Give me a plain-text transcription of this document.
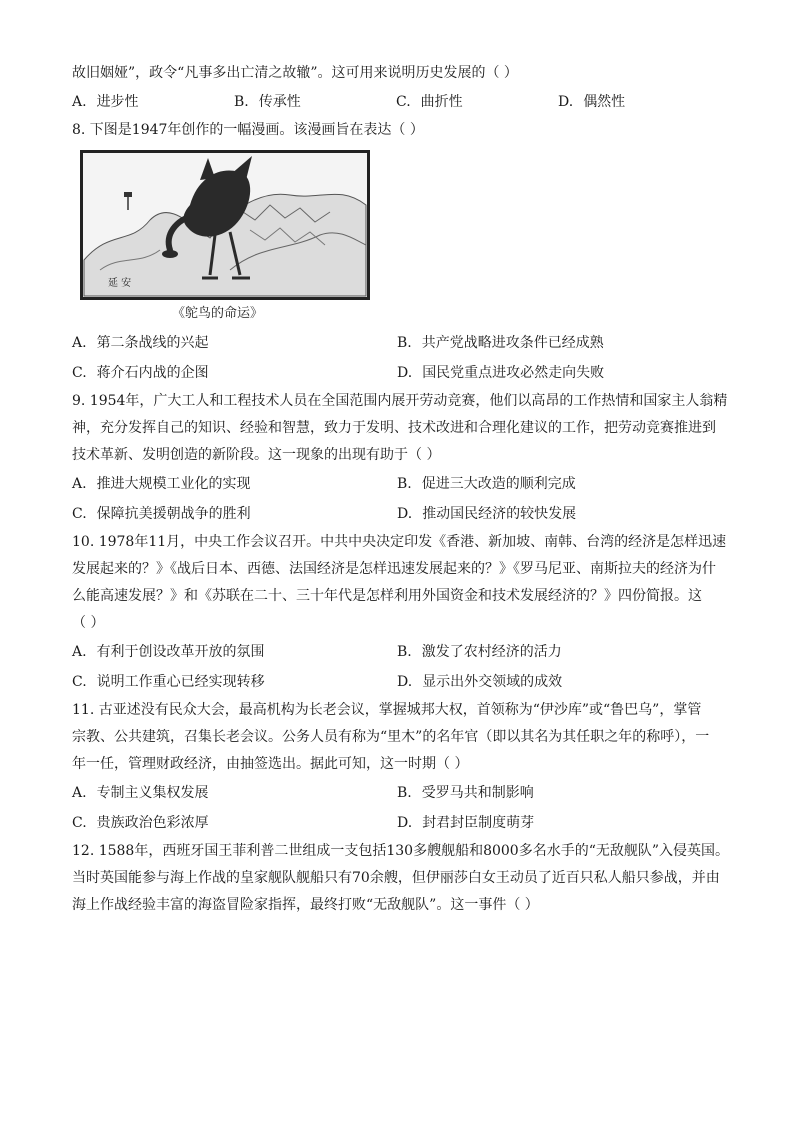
故旧姻娅”，政令“凡事多出亡清之故辙”。这可用来说明历史发展的（ ）
A. 进步性	B. 传承性	C. 曲折性	D. 偶然性
8. 下图是1947年创作的一幅漫画。该漫画旨在表达（ ）
延 安
《鸵鸟的命运》
A. 第二条战线的兴起	B. 共产党战略进攻条件已经成熟
C. 蒋介石内战的企图	D. 国民党重点进攻必然走向失败
9. 1954年，广大工人和工程技术人员在全国范围内展开劳动竞赛，他们以高昂的工作热情和国家主人翁精
神，充分发挥自己的知识、经验和智慧，致力于发明、技术改进和合理化建议的工作，把劳动竞赛推进到
技术革新、发明创造的新阶段。这一现象的出现有助于（ ）
A. 推进大规模工业化的实现	B. 促进三大改造的顺利完成
C. 保障抗美援朝战争的胜利	D. 推动国民经济的较快发展
10. 1978年11月，中央工作会议召开。中共中央决定印发《香港、新加坡、南韩、台湾的经济是怎样迅速
发展起来的？》《战后日本、西德、法国经济是怎样迅速发展起来的？》《罗马尼亚、南斯拉夫的经济为什
么能高速发展？》和《苏联在二十、三十年代是怎样利用外国资金和技术发展经济的？》四份简报。这
（ ）
A. 有利于创设改革开放的氛围	B. 激发了农村经济的活力
C. 说明工作重心已经实现转移	D. 显示出外交领域的成效
11. 古亚述没有民众大会，最高机构为长老会议，掌握城邦大权，首领称为“伊沙库”或“鲁巴乌”，掌管
宗教、公共建筑，召集长老会议。公务人员有称为“里木”的名年官（即以其名为其任职之年的称呼），一
年一任，管理财政经济，由抽签选出。据此可知，这一时期（ ）
A. 专制主义集权发展	B. 受罗马共和制影响
C. 贵族政治色彩浓厚	D. 封君封臣制度萌芽
12. 1588年，西班牙国王菲利普二世组成一支包括130多艘舰船和8000多名水手的“无敌舰队”入侵英国。
当时英国能参与海上作战的皇家舰队舰船只有70余艘，但伊丽莎白女王动员了近百只私人船只参战，并由
海上作战经验丰富的海盗冒险家指挥，最终打败“无敌舰队”。这一事件（ ）
